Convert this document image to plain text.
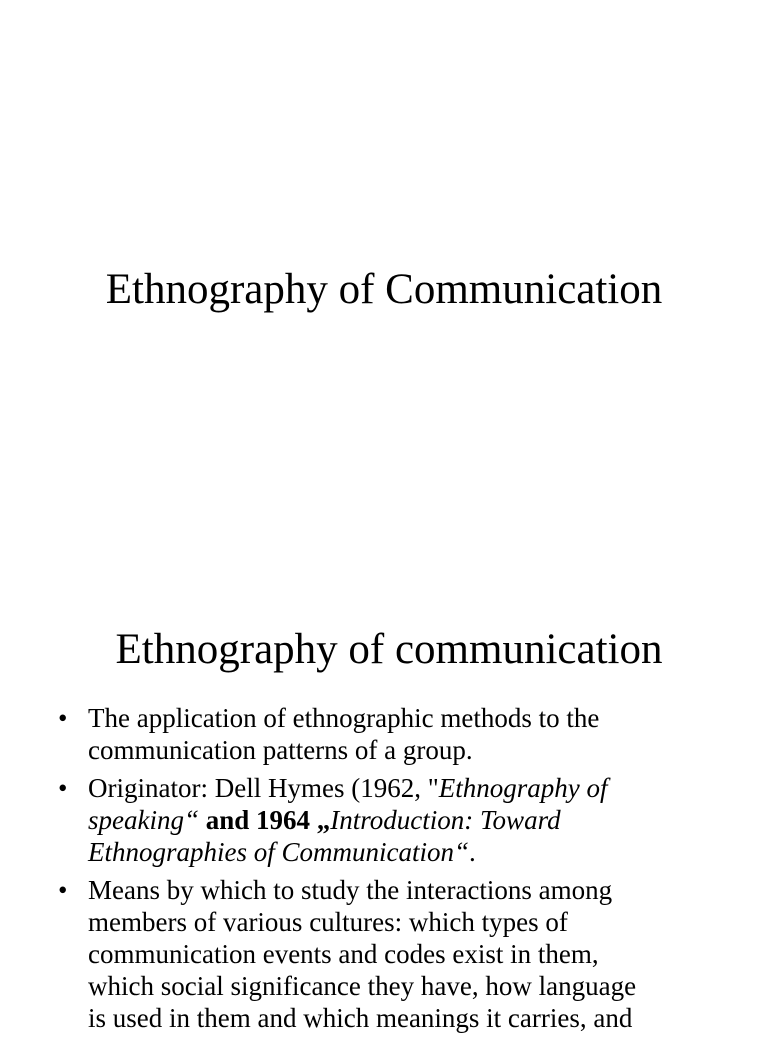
Ethnography of Communication
Ethnography of communication
• The application of ethnographic methods to the
communication patterns of a group.
• Originator: Dell Hymes (1962, "Ethnography of
speaking“ and 1964 „Introduction: Toward
Ethnographies of Communication“.
• Means by which to study the interactions among
members of various cultures: which types of
communication events and codes exist in them,
which social significance they have, how language
is used in them and which meanings it carries, and
